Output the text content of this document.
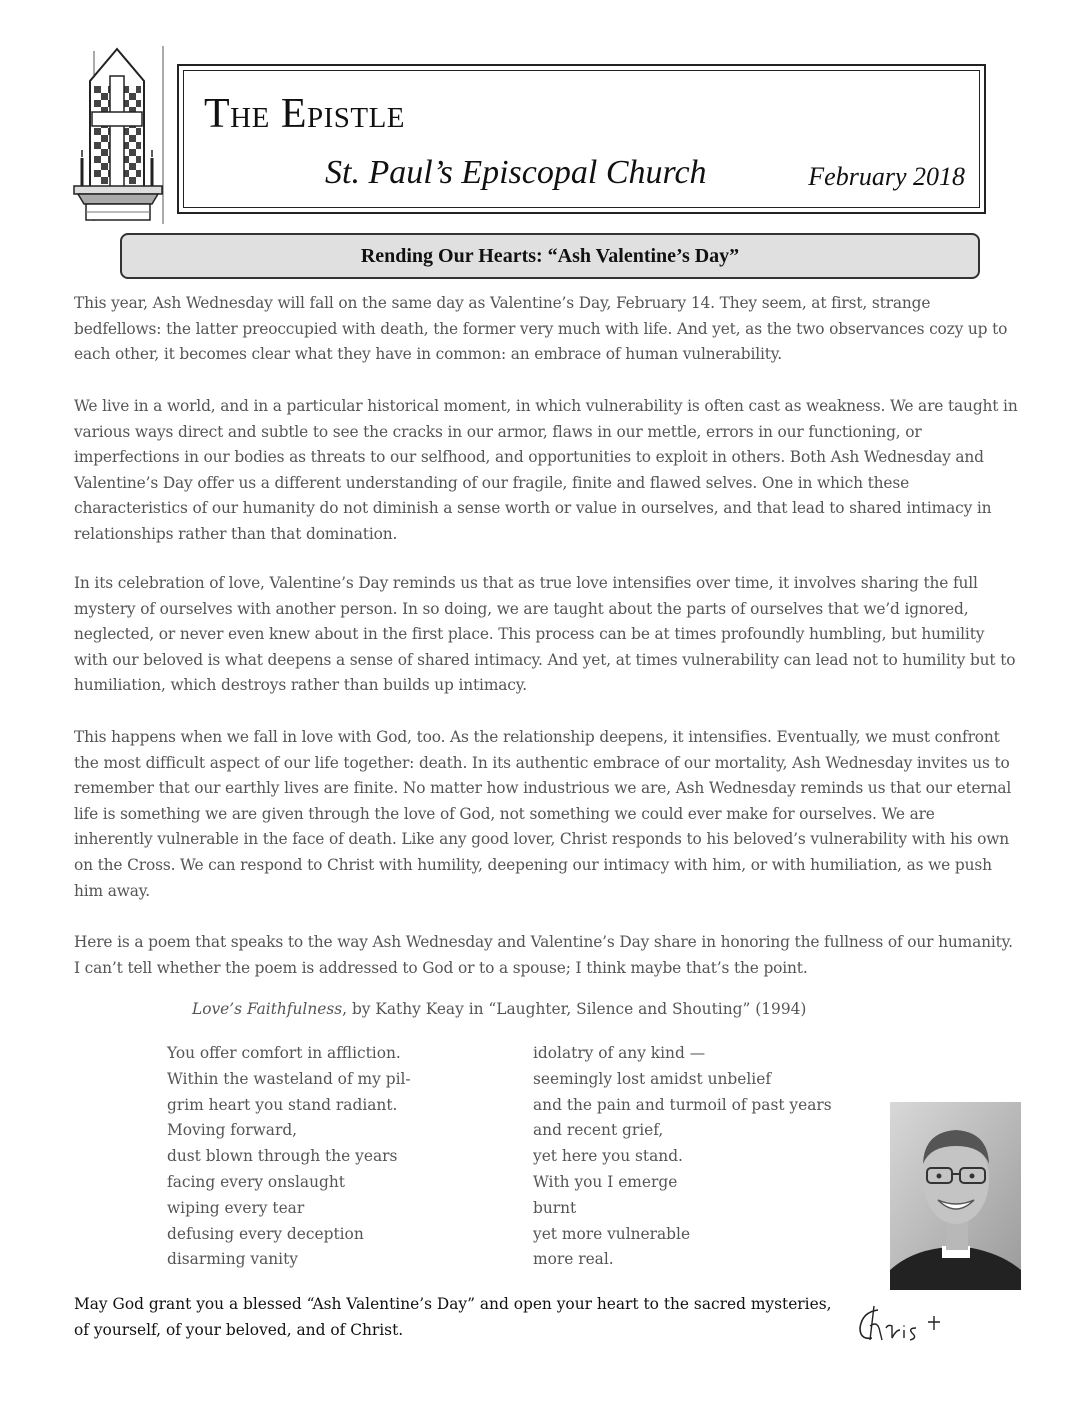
The Epistle
St. Paul’s Episcopal Church	February 2018
Rending Our Hearts: “Ash Valentine’s Day”

This year, Ash Wednesday will fall on the same day as Valentine’s Day, February 14. They seem, at first, strange bedfellows: the latter preoccupied with death, the former very much with life. And yet, as the two observances cozy up to each other, it becomes clear what they have in common: an embrace of human vulnerability.

We live in a world, and in a particular historical moment, in which vulnerability is often cast as weakness. We are taught in various ways direct and subtle to see the cracks in our armor, flaws in our mettle, errors in our functioning, or imperfections in our bodies as threats to our selfhood, and opportunities to exploit in others. Both Ash Wednesday and Valentine’s Day offer us a different understanding of our fragile, finite and flawed selves. One in which these characteristics of our humanity do not diminish a sense worth or value in ourselves, and that lead to shared intimacy in relationships rather than that domination.

In its celebration of love, Valentine’s Day reminds us that as true love intensifies over time, it involves sharing the full mystery of ourselves with another person. In so doing, we are taught about the parts of ourselves that we’d ignored, neglected, or never even knew about in the first place. This process can be at times profoundly humbling, but humility with our beloved is what deepens a sense of shared intimacy. And yet, at times vulnerability can lead not to humility but to humiliation, which destroys rather than builds up intimacy.

This happens when we fall in love with God, too. As the relationship deepens, it intensifies. Eventually, we must confront the most difficult aspect of our life together: death. In its authentic embrace of our mortality, Ash Wednesday invites us to remember that our earthly lives are finite. No matter how industrious we are, Ash Wednesday reminds us that our eternal life is something we are given through the love of God, not something we could ever make for ourselves. We are inherently vulnerable in the face of death. Like any good lover, Christ responds to his beloved’s vulnerability with his own on the Cross. We can respond to Christ with humility, deepening our intimacy with him, or with humiliation, as we push him away.

Here is a poem that speaks to the way Ash Wednesday and Valentine’s Day share in honoring the fullness of our humanity. I can’t tell whether the poem is addressed to God or to a spouse; I think maybe that’s the point.

Love’s Faithfulness, by Kathy Keay in “Laughter, Silence and Shouting” (1994)

You offer comfort in affliction.
Within the wasteland of my pil-
grim heart you stand radiant.
Moving forward,
dust blown through the years
facing every onslaught
wiping every tear
defusing every deception
disarming vanity
idolatry of any kind —
seemingly lost amidst unbelief
and the pain and turmoil of past years
and recent grief,
yet here you stand.
With you I emerge
burnt
yet more vulnerable
more real.

May God grant you a blessed “Ash Valentine’s Day” and open your heart to the sacred mysteries, of yourself, of your beloved, and of Christ.
